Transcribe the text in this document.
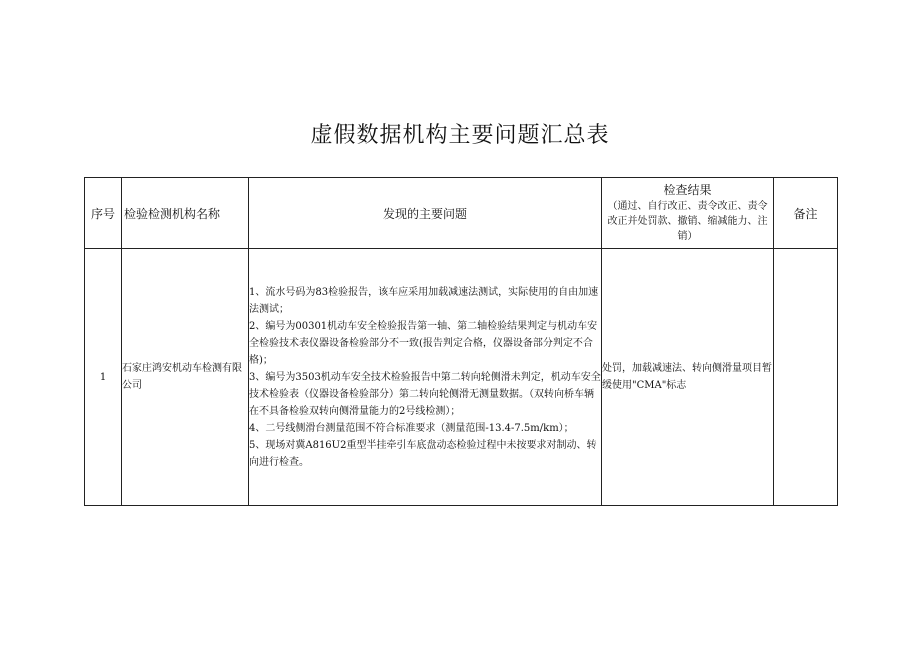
虚假数据机构主要问题汇总表
序号	检验检测机构名称	发现的主要问题	检查结果
（通过、自行改正、责令改正、责令改正并处罚款、撤销、缩减能力、注销）	备注
1	石家庄鸿安机动车检测有限公司	1、流水号码为83检验报告，该车应采用加载减速法测试，实际使用的自由加速法测试；
2、编号为00301机动车安全检验报告第一轴、第二轴检验结果判定与机动车安全检验技术表仪器设备检验部分不一致(报告判定合格，仪器设备部分判定不合格)；
3、编号为3503机动车安全技术检验报告中第二转向轮侧滑未判定，机动车安全技术检验表（仪器设备检验部分）第二转向轮侧滑无测量数据。（双转向桥车辆在不具备检验双转向侧滑量能力的2号线检测）；
4、二号线侧滑台测量范围不符合标准要求（测量范围-13.4-7.5m/km）；
5、现场对冀A816U2重型半挂牵引车底盘动态检验过程中未按要求对制动、转向进行检查。	处罚，加载减速法、转向侧滑量项目暂缓使用"CMA"标志	
